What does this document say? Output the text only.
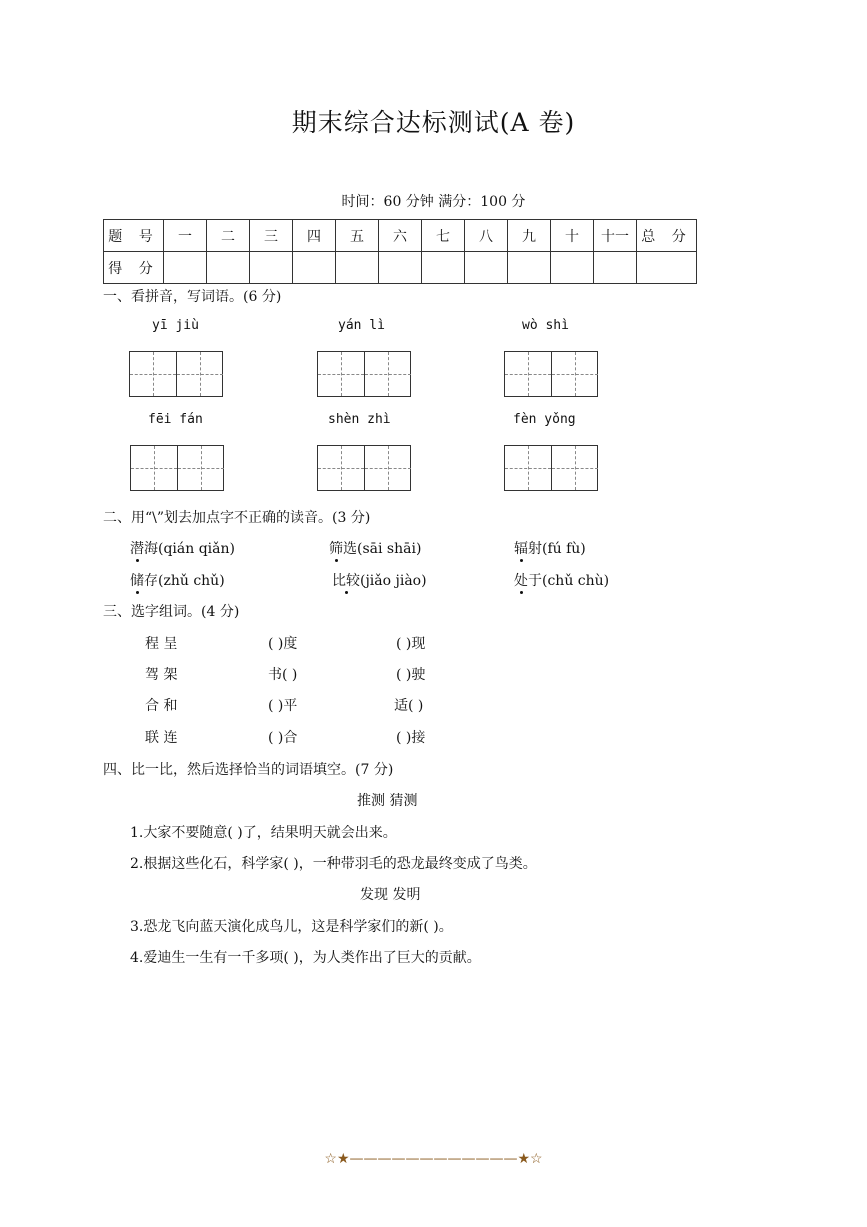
期末综合达标测试(A 卷)
时间：60 分钟 满分：100 分
题 号	一	二	三	四	五	六	七	八	九	十	十一	总 分
得 分												
一、看拼音，写词语。(6 分)
yī jiù	yán lì	wò shì
fēi fán	shèn zhì	fèn yǒng
二、用“\”划去加点字不正确的读音。(3 分)
潜海(qián qiǎn)	筛选(sāi shāi)	辐射(fú fù)
储存(zhǔ chǔ)	比较(jiǎo jiào)	处于(chǔ chù)
三、选字组词。(4 分)
程 呈	( )度	( )现
驾 架	书( )	( )驶
合 和	( )平	适( )
联 连	( )合	( )接
四、比一比，然后选择恰当的词语填空。(7 分)
推测 猜测
1.大家不要随意( )了，结果明天就会出来。
2.根据这些化石，科学家( )，一种带羽毛的恐龙最终变成了鸟类。
发现 发明
3.恐龙飞向蓝天演化成鸟儿，这是科学家们的新( )。
4.爱迪生一生有一千多项( )，为人类作出了巨大的贡献。
☆★————————————★☆
